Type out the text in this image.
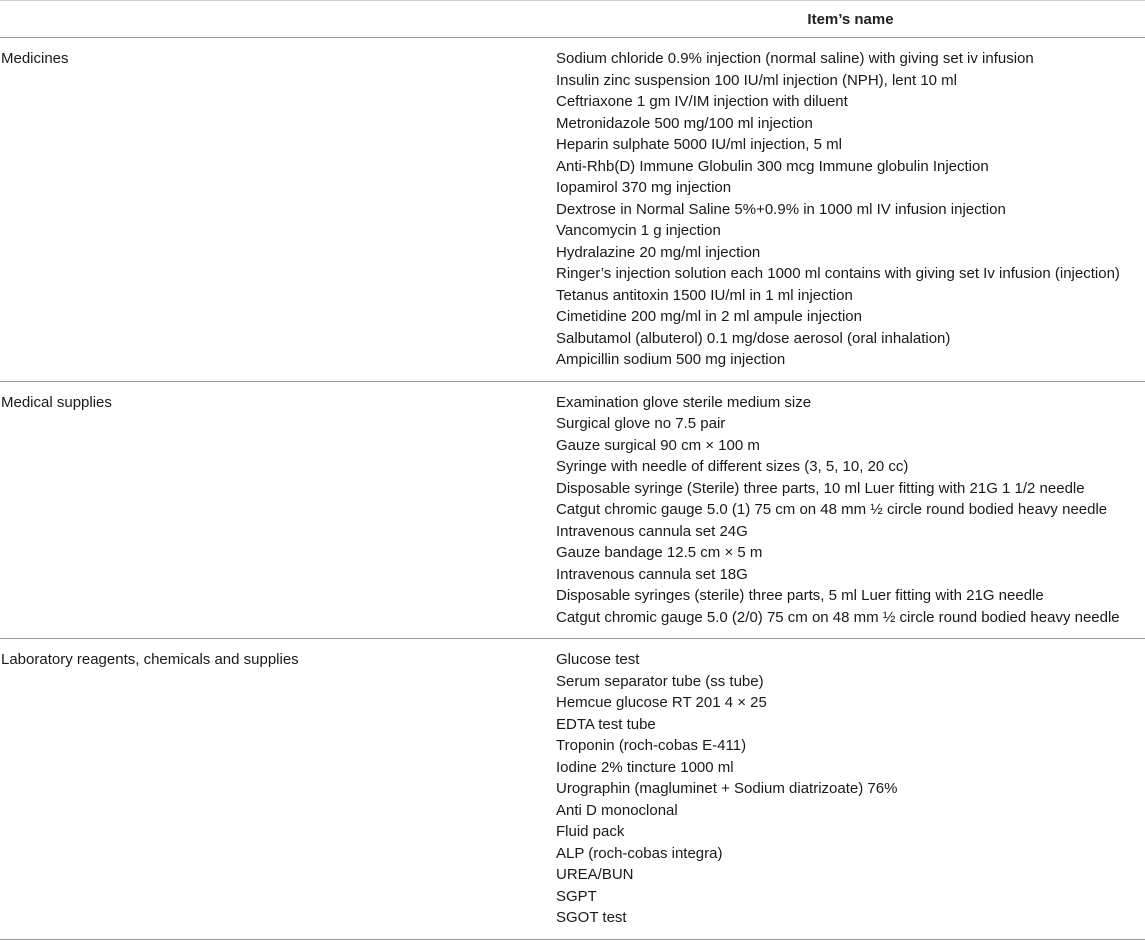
Item’s name
Medicines	Sodium chloride 0.9% injection (normal saline) with giving set iv infusion
Insulin zinc suspension 100 IU/ml injection (NPH), lent 10 ml
Ceftriaxone 1 gm IV/IM injection with diluent
Metronidazole 500 mg/100 ml injection
Heparin sulphate 5000 IU/ml injection, 5 ml
Anti-Rhb(D) Immune Globulin 300 mcg Immune globulin Injection
Iopamirol 370 mg injection
Dextrose in Normal Saline 5%+0.9% in 1000 ml IV infusion injection
Vancomycin 1 g injection
Hydralazine 20 mg/ml injection
Ringer’s injection solution each 1000 ml contains with giving set Iv infusion (injection)
Tetanus antitoxin 1500 IU/ml in 1 ml injection
Cimetidine 200 mg/ml in 2 ml ampule injection
Salbutamol (albuterol) 0.1 mg/dose aerosol (oral inhalation)
Ampicillin sodium 500 mg injection
Medical supplies	Examination glove sterile medium size
Surgical glove no 7.5 pair
Gauze surgical 90 cm × 100 m
Syringe with needle of different sizes (3, 5, 10, 20 cc)
Disposable syringe (Sterile) three parts, 10 ml Luer fitting with 21G 1 1/2 needle
Catgut chromic gauge 5.0 (1) 75 cm on 48 mm ½ circle round bodied heavy needle
Intravenous cannula set 24G
Gauze bandage 12.5 cm × 5 m
Intravenous cannula set 18G
Disposable syringes (sterile) three parts, 5 ml Luer fitting with 21G needle
Catgut chromic gauge 5.0 (2/0) 75 cm on 48 mm ½ circle round bodied heavy needle
Laboratory reagents, chemicals and supplies	Glucose test
Serum separator tube (ss tube)
Hemcue glucose RT 201 4 × 25
EDTA test tube
Troponin (roch-cobas E-411)
Iodine 2% tincture 1000 ml
Urographin (magluminet + Sodium diatrizoate) 76%
Anti D monoclonal
Fluid pack
ALP (roch-cobas integra)
UREA/BUN
SGPT
SGOT test
